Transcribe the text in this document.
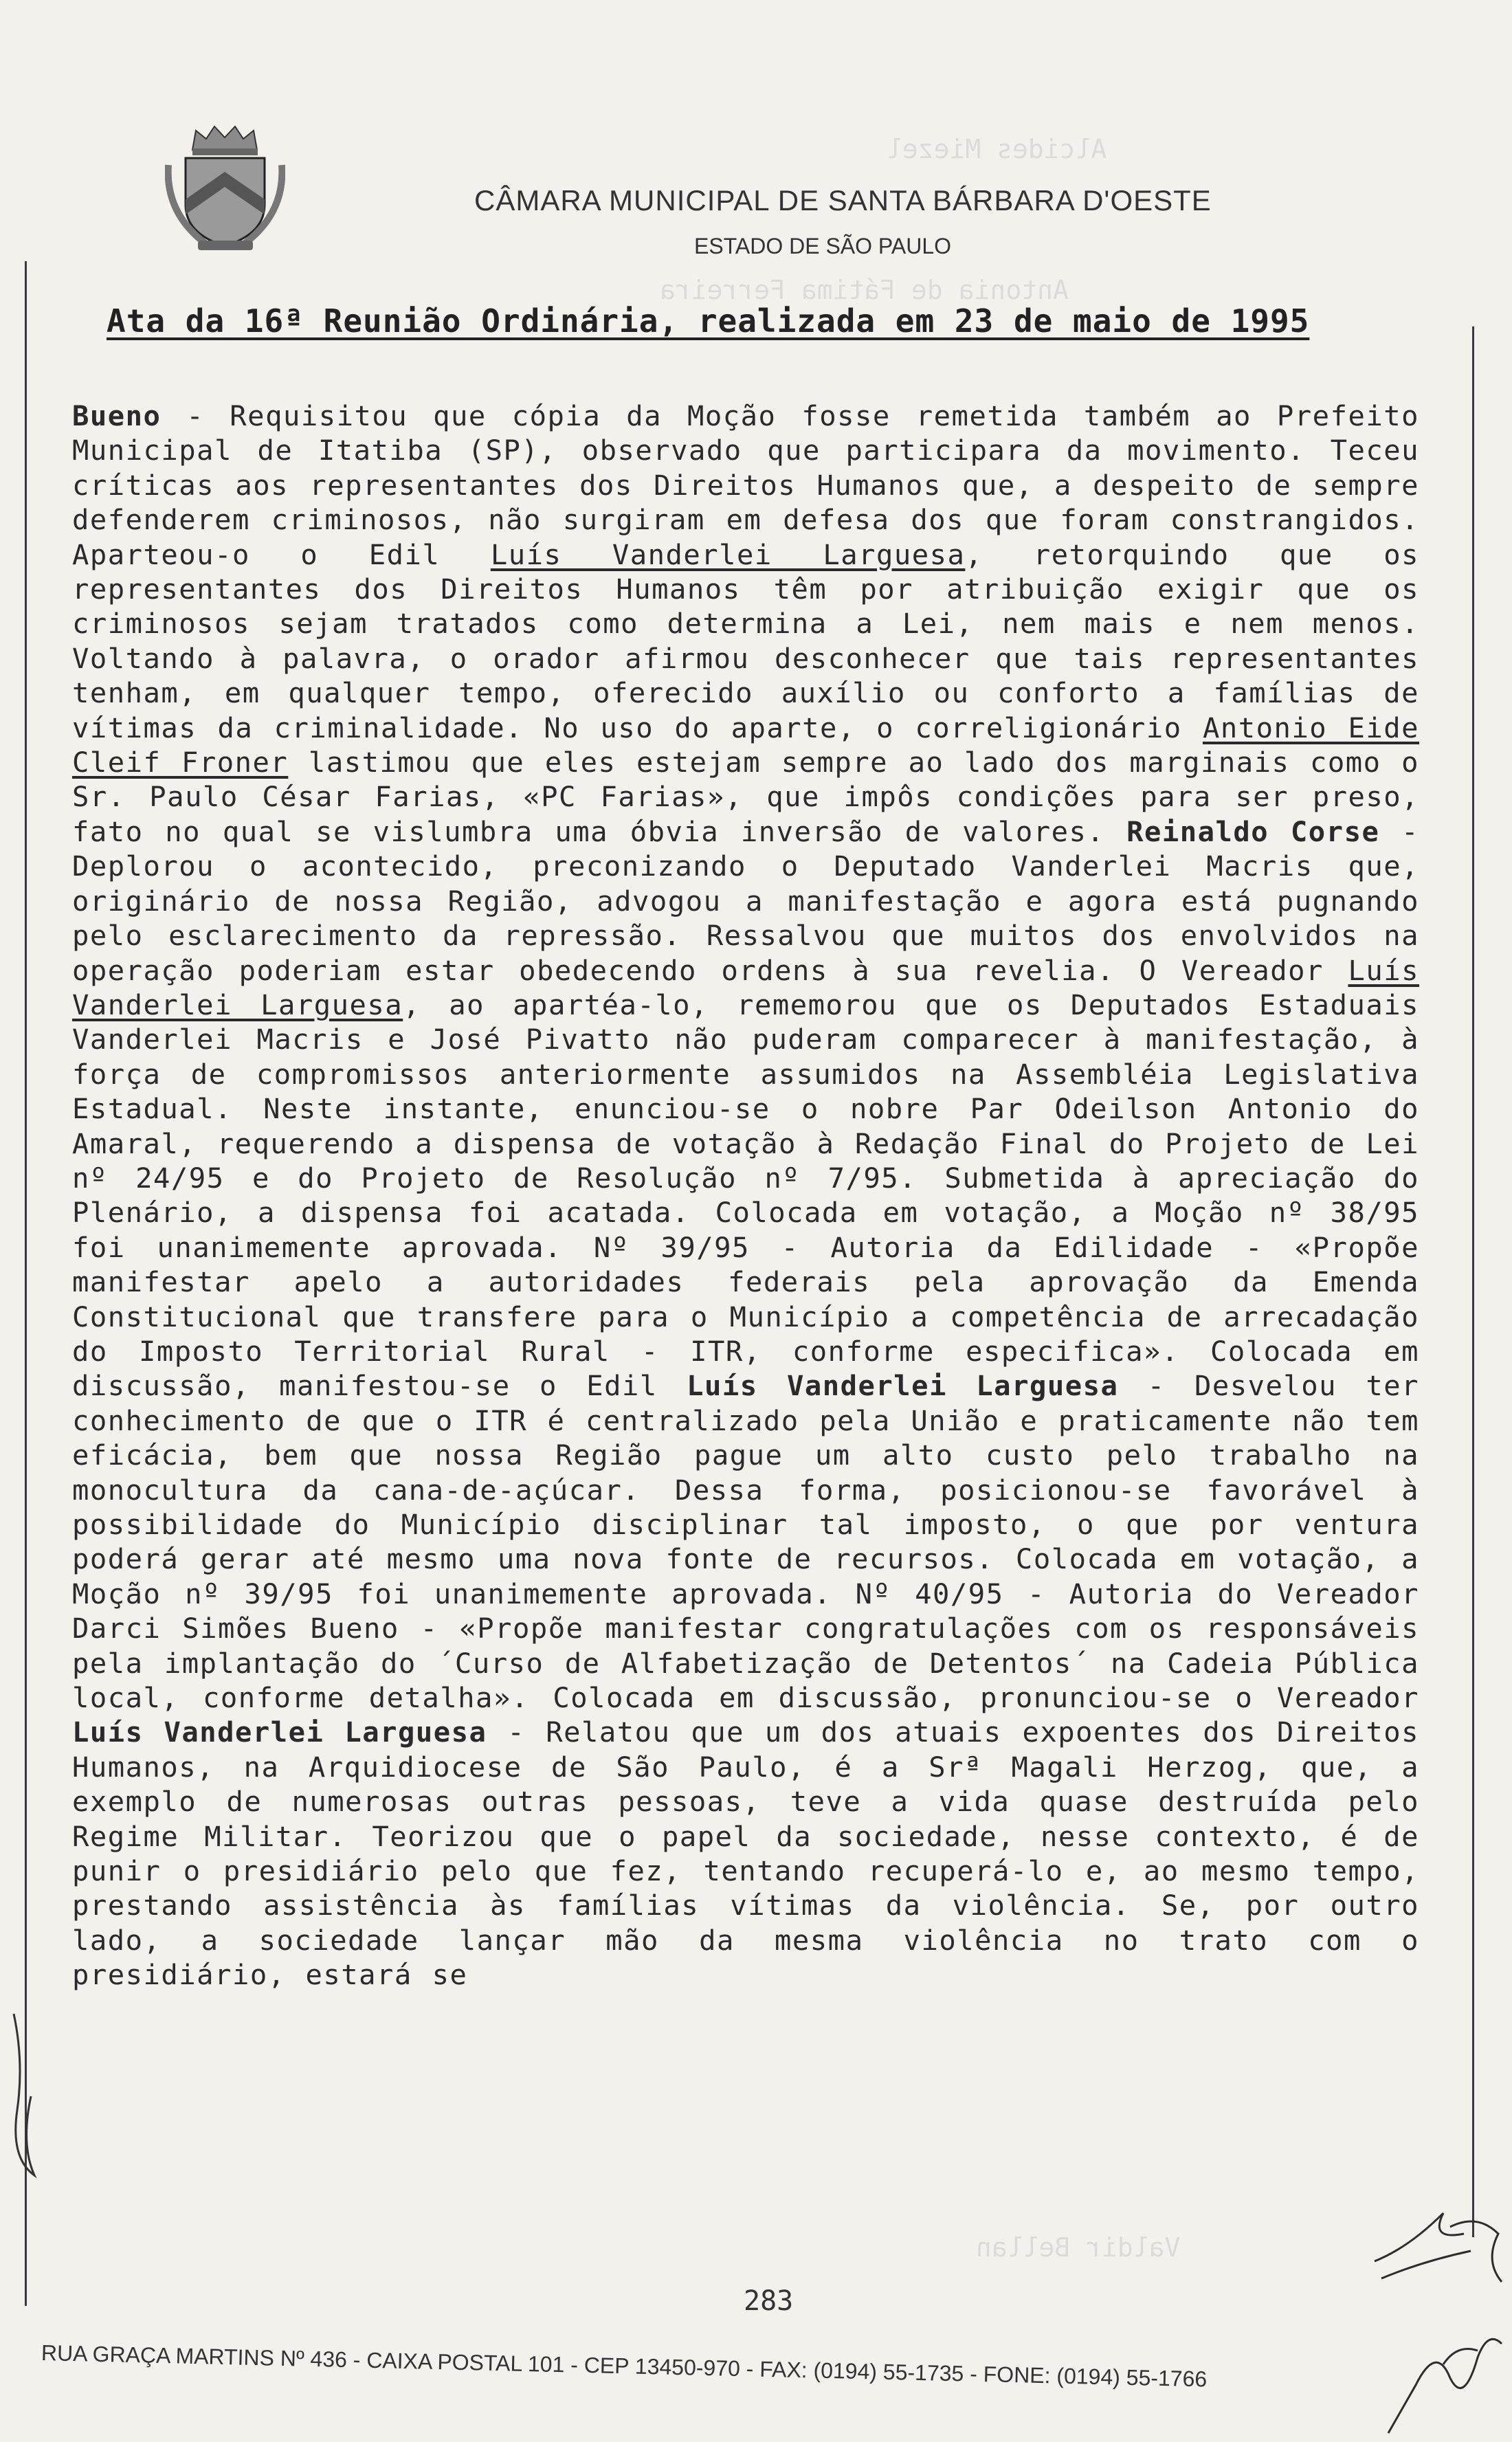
Alcides Miezel
Antonia de Fátima Ferreira
Valdir Bellan
CÂMARA MUNICIPAL DE SANTA BÁRBARA D'OESTE
ESTADO DE SÃO PAULO
Ata da 16ª Reunião Ordinária, realizada em 23 de maio de 1995
Bueno - Requisitou que cópia da Moção fosse remetida também ao Prefeito Municipal de Itatiba (SP), observado que participara da movimento. Teceu críticas aos representantes dos Direitos Humanos que, a despeito de sempre defenderem criminosos, não surgiram em defesa dos que foram constrangidos. Aparteou-o o Edil Luís Vanderlei Larguesa, retorquindo que os representantes dos Direitos Humanos têm por atribuição exigir que os criminosos sejam tratados como determina a Lei, nem mais e nem menos. Voltando à palavra, o orador afirmou desconhecer que tais representantes tenham, em qualquer tempo, oferecido auxílio ou conforto a famílias de vítimas da criminalidade. No uso do aparte, o correligionário Antonio Eide Cleif Froner lastimou que eles estejam sempre ao lado dos marginais como o Sr. Paulo César Farias, «PC Farias», que impôs condições para ser preso, fato no qual se vislumbra uma óbvia inversão de valores. Reinaldo Corse - Deplorou o acontecido, preconizando o Deputado Vanderlei Macris que, originário de nossa Região, advogou a manifestação e agora está pugnando pelo esclarecimento da repressão. Ressalvou que muitos dos envolvidos na operação poderiam estar obedecendo ordens à sua revelia. O Vereador Luís Vanderlei Larguesa, ao apartéa-lo, rememorou que os Deputados Estaduais Vanderlei Macris e José Pivatto não puderam comparecer à manifestação, à força de compromissos anteriormente assumidos na Assembléia Legislativa Estadual. Neste instante, enunciou-se o nobre Par Odeilson Antonio do Amaral, requerendo a dispensa de votação à Redação Final do Projeto de Lei nº 24/95 e do Projeto de Resolução nº 7/95. Submetida à apreciação do Plenário, a dispensa foi acatada. Colocada em votação, a Moção nº 38/95 foi unanimemente aprovada. Nº 39/95 - Autoria da Edilidade - «Propõe manifestar apelo a autoridades federais pela aprovação da Emenda Constitucional que transfere para o Município a competência de arrecadação do Imposto Territorial Rural - ITR, conforme especifica». Colocada em discussão, manifestou-se o Edil Luís Vanderlei Larguesa - Desvelou ter conhecimento de que o ITR é centralizado pela União e praticamente não tem eficácia, bem que nossa Região pague um alto custo pelo trabalho na monocultura da cana-de-açúcar. Dessa forma, posicionou-se favorável à possibilidade do Município disciplinar tal imposto, o que por ventura poderá gerar até mesmo uma nova fonte de recursos. Colocada em votação, a Moção nº 39/95 foi unanimemente aprovada. Nº 40/95 - Autoria do Vereador Darci Simões Bueno - «Propõe manifestar congratulações com os responsáveis pela implantação do ´Curso de Alfabetização de Detentos´ na Cadeia Pública local, conforme detalha». Colocada em discussão, pronunciou-se o Vereador Luís Vanderlei Larguesa - Relatou que um dos atuais expoentes dos Direitos Humanos, na Arquidiocese de São Paulo, é a Srª Magali Herzog, que, a exemplo de numerosas outras pessoas, teve a vida quase destruída pelo Regime Militar. Teorizou que o papel da sociedade, nesse contexto, é de punir o presidiário pelo que fez, tentando recuperá-lo e, ao mesmo tempo, prestando assistência às famílias vítimas da violência. Se, por outro lado, a sociedade lançar mão da mesma violência no trato com o presidiário, estará se
283
RUA GRAÇA MARTINS Nº 436 - CAIXA POSTAL 101 - CEP 13450-970 - FAX: (0194) 55-1735 - FONE: (0194) 55-1766
